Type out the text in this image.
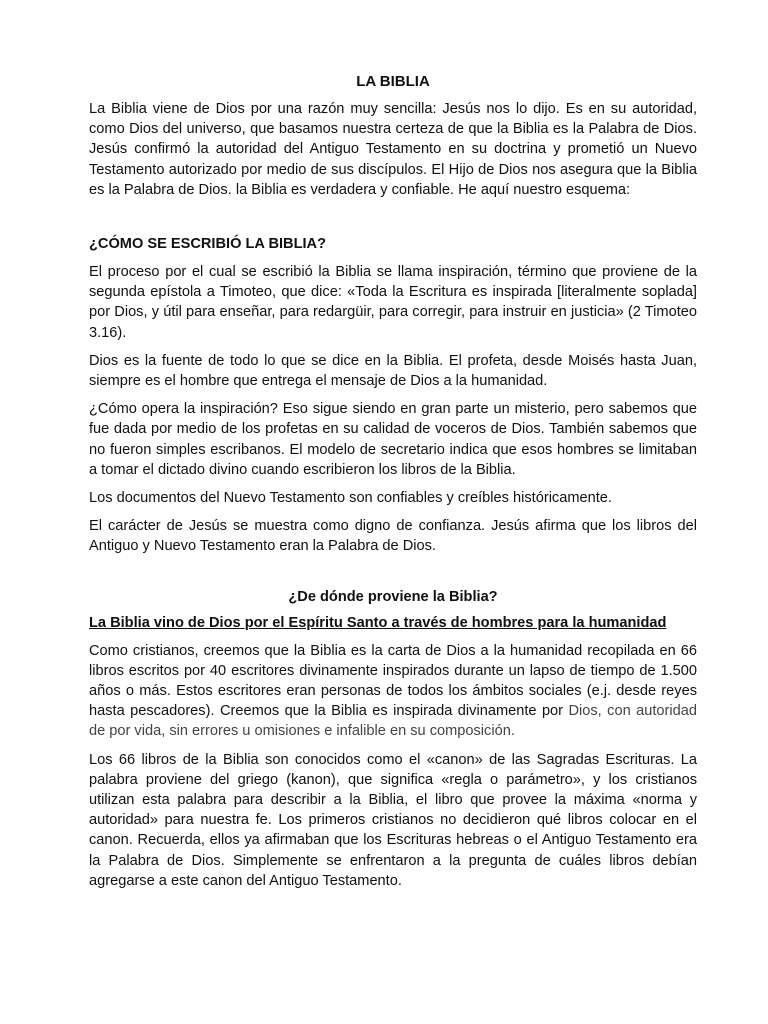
LA BIBLIA

La Biblia viene de Dios por una razón muy sencilla: Jesús nos lo dijo. Es en su autoridad, como Dios del universo, que basamos nuestra certeza de que la Biblia es la Palabra de Dios. Jesús confirmó la autoridad del Antiguo Testamento en su doctrina y prometió un Nuevo Testamento autorizado por medio de sus discípulos. El Hijo de Dios nos asegura que la Biblia es la Palabra de Dios. la Biblia es verdadera y confiable. He aquí nuestro esquema:

¿CÓMO SE ESCRIBIÓ LA BIBLIA?

El proceso por el cual se escribió la Biblia se llama inspiración, término que proviene de la segunda epístola a Timoteo, que dice: «Toda la Escritura es inspirada [literalmente soplada] por Dios, y útil para enseñar, para redargüir, para corregir, para instruir en justicia» (2 Timoteo 3.16).

Dios es la fuente de todo lo que se dice en la Biblia. El profeta, desde Moisés hasta Juan, siempre es el hombre que entrega el mensaje de Dios a la humanidad.

¿Cómo opera la inspiración? Eso sigue siendo en gran parte un misterio, pero sabemos que fue dada por medio de los profetas en su calidad de voceros de Dios. También sabemos que no fueron simples escribanos. El modelo de secretario indica que esos hombres se limitaban a tomar el dictado divino cuando escribieron los libros de la Biblia.

Los documentos del Nuevo Testamento son confiables y creíbles históricamente.

El carácter de Jesús se muestra como digno de confianza. Jesús afirma que los libros del Antiguo y Nuevo Testamento eran la Palabra de Dios.

¿De dónde proviene la Biblia?
La Biblia vino de Dios por el Espíritu Santo a través de hombres para la humanidad

Como cristianos, creemos que la Biblia es la carta de Dios a la humanidad recopilada en 66 libros escritos por 40 escritores divinamente inspirados durante un lapso de tiempo de 1.500 años o más. Estos escritores eran personas de todos los ámbitos sociales (e.j. desde reyes hasta pescadores). Creemos que la Biblia es inspirada divinamente por Dios, con autoridad de por vida, sin errores u omisiones e infalible en su composición.

Los 66 libros de la Biblia son conocidos como el «canon» de las Sagradas Escrituras. La palabra proviene del griego (kanon), que significa «regla o parámetro», y los cristianos utilizan esta palabra para describir a la Biblia, el libro que provee la máxima «norma y autoridad» para nuestra fe. Los primeros cristianos no decidieron qué libros colocar en el canon. Recuerda, ellos ya afirmaban que los Escrituras hebreas o el Antiguo Testamento era la Palabra de Dios. Simplemente se enfrentaron a la pregunta de cuáles libros debían agregarse a este canon del Antiguo Testamento.
